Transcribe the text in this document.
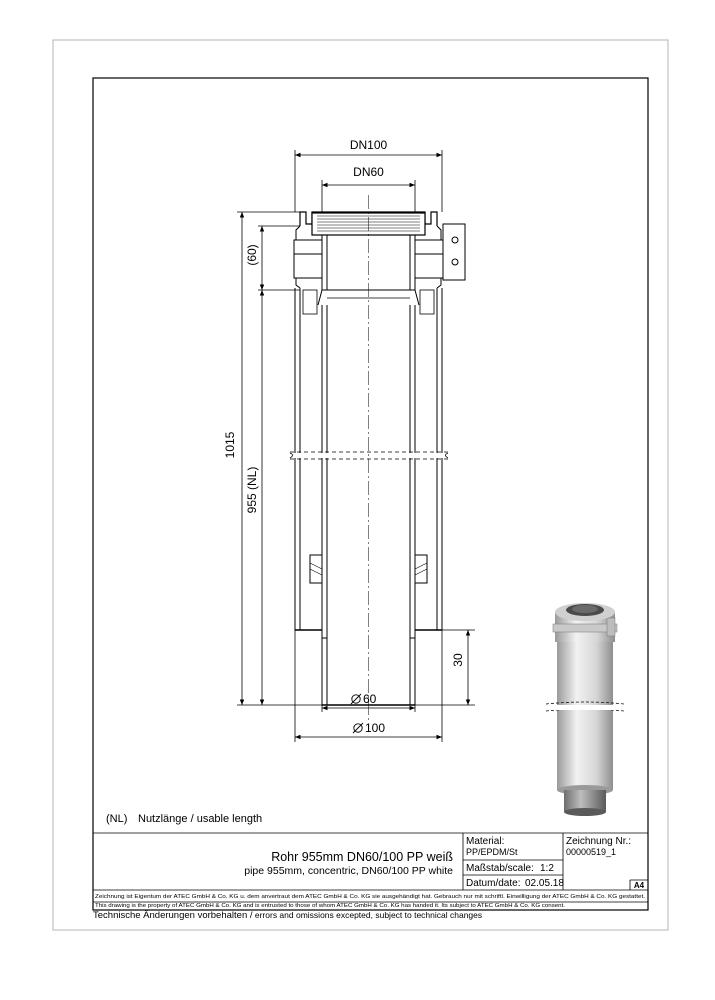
DN100
DN60
1015
955 (NL)
(60)
30
60
100
(NL) Nutzlänge / usable length
Rohr 955mm DN60/100 PP weiß
pipe 955mm, concentric, DN60/100 PP white
Material:
PP/EPDM/St
Maßstab/scale: 1:2
Datum/date: 02.05.18
Zeichnung Nr.:
00000519_1
A4
Zeichnung ist Eigentum der ATEC GmbH & Co. KG u. dem anvertraut dem ATEC GmbH & Co. KG sie ausgehändigt hat. Gebrauch nur mit schriftl. Einwilligung der ATEC GmbH & Co. KG gestattet.
This drawing is the property of ATEC GmbH & Co. KG and is entrusted to those of whom ATEC GmbH & Co. KG has handed it. Its subject to ATEC GmbH & Co. KG consent.
Technische Änderungen vorbehalten / errors and omissions excepted, subject to technical changes
